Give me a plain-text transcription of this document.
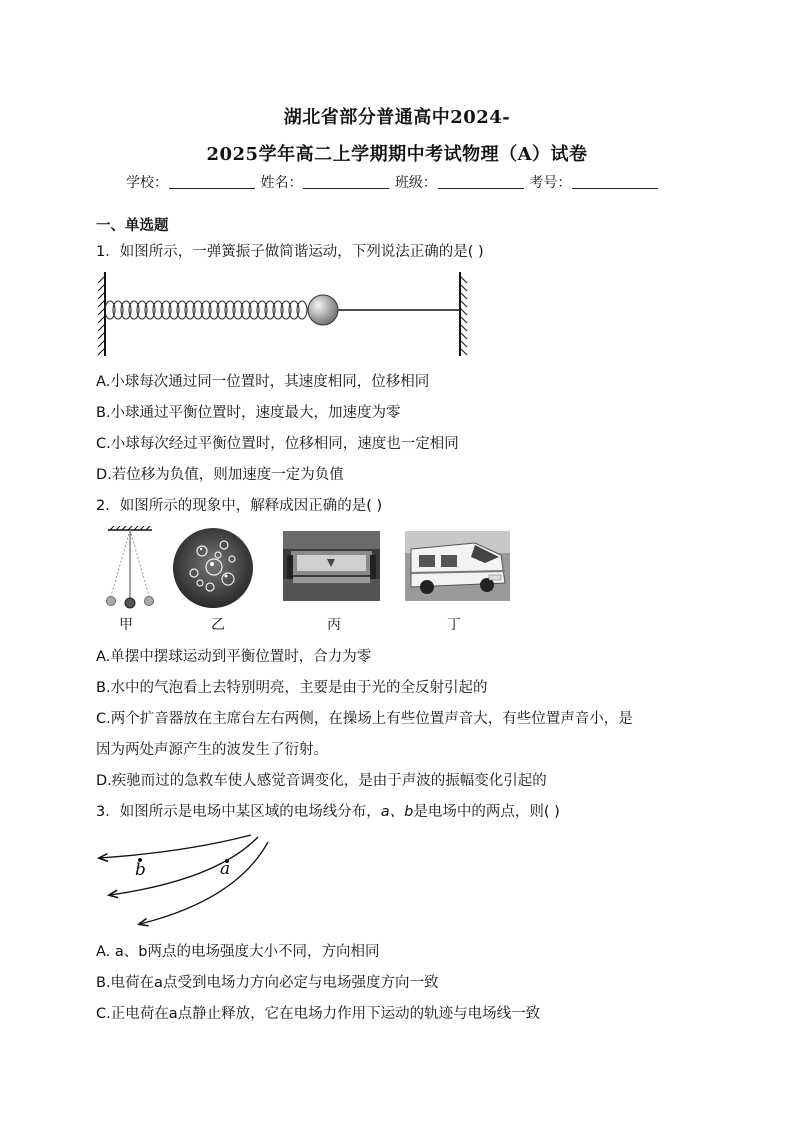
湖北省部分普通高中2024-
2025学年高二上学期期中考试物理（A）试卷
学校：	姓名：	班级：	考号：
一、单选题
1．如图所示，一弹簧振子做简谐运动，下列说法正确的是( )
A.小球每次通过同一位置时，其速度相同，位移相同
B.小球通过平衡位置时，速度最大，加速度为零
C.小球每次经过平衡位置时，位移相同，速度也一定相同
D.若位移为负值，则加速度一定为负值
2．如图所示的现象中，解释成因正确的是( )
甲	乙	丙	丁
A.单摆中摆球运动到平衡位置时，合力为零
B.水中的气泡看上去特别明亮，主要是由于光的全反射引起的
C.两个扩音器放在主席台左右两侧，在操场上有些位置声音大，有些位置声音小，是
因为两处声源产生的波发生了衍射。
D.疾驰而过的急救车使人感觉音调变化，是由于声波的振幅变化引起的
3．如图所示是电场中某区域的电场线分布，a、b是电场中的两点，则( )
b	a
A. a、b两点的电场强度大小不同，方向相同
B.电荷在a点受到电场力方向必定与电场强度方向一致
C.正电荷在a点静止释放，它在电场力作用下运动的轨迹与电场线一致
